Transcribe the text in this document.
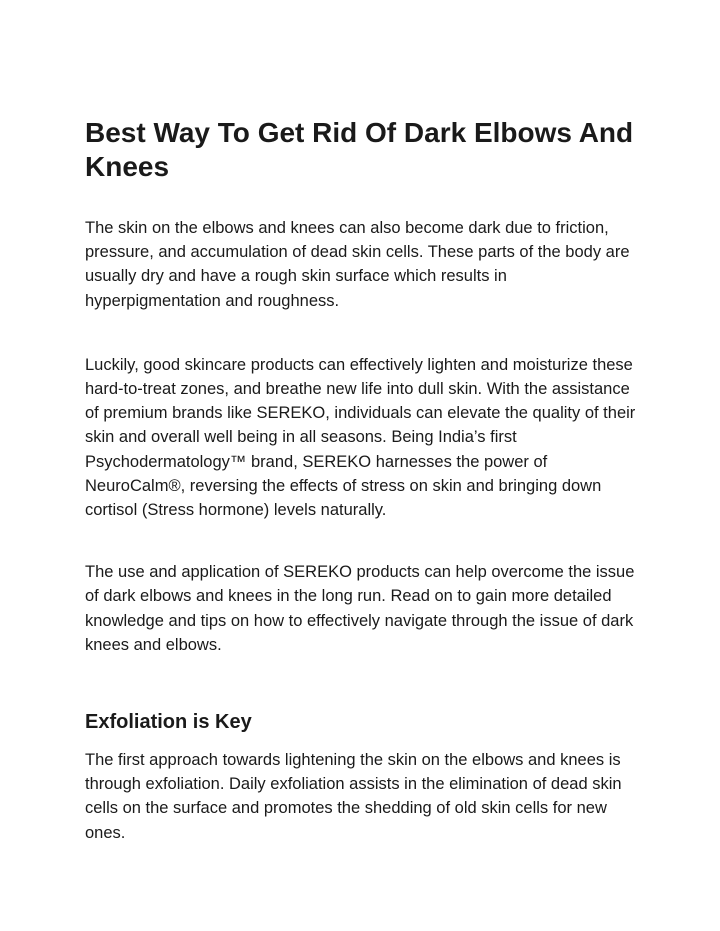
Best Way To Get Rid Of Dark Elbows And Knees

The skin on the elbows and knees can also become dark due to friction, pressure, and accumulation of dead skin cells. These parts of the body are usually dry and have a rough skin surface which results in hyperpigmentation and roughness.

Luckily, good skincare products can effectively lighten and moisturize these hard-to-treat zones, and breathe new life into dull skin. With the assistance of premium brands like SEREKO, individuals can elevate the quality of their skin and overall well being in all seasons. Being India’s first Psychodermatology™ brand, SEREKO harnesses the power of NeuroCalm®, reversing the effects of stress on skin and bringing down cortisol (Stress hormone) levels naturally.

The use and application of SEREKO products can help overcome the issue of dark elbows and knees in the long run. Read on to gain more detailed knowledge and tips on how to effectively navigate through the issue of dark knees and elbows.

Exfoliation is Key

The first approach towards lightening the skin on the elbows and knees is through exfoliation. Daily exfoliation assists in the elimination of dead skin cells on the surface and promotes the shedding of old skin cells for new ones.
